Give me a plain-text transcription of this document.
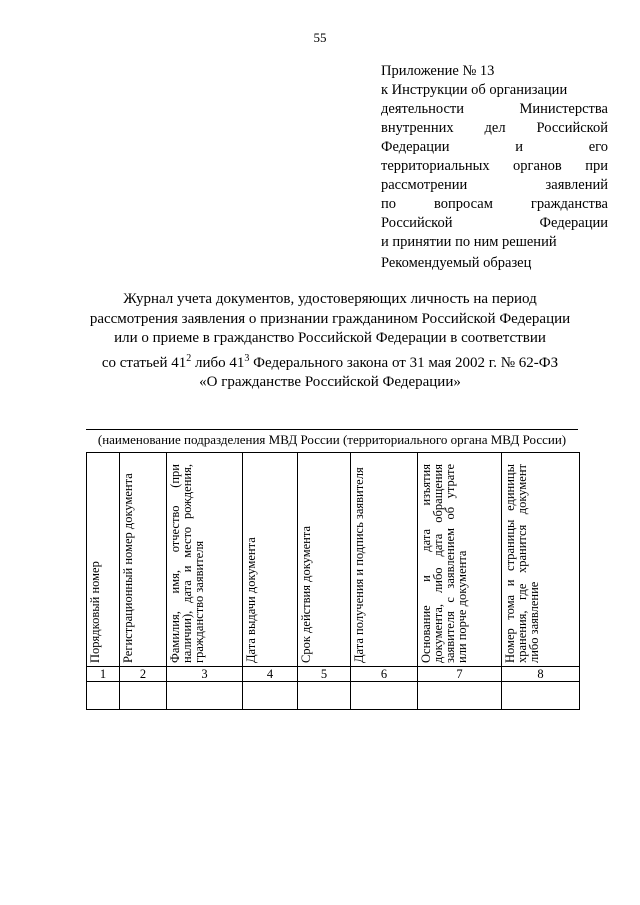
55
Приложение № 13
к Инструкции об организации
деятельности Министерства
внутренних дел Российской
Федерации и его
территориальных органов при
рассмотрении заявлений
по вопросам гражданства
Российской Федерации
и принятии по ним решений
Рекомендуемый образец
Журнал учета документов, удостоверяющих личность на период
рассмотрения заявления о признании гражданином Российской Федерации
или о приеме в гражданство Российской Федерации в соответствии
со статьей $41^2$ либо $41^3$ Федерального закона от 31 мая 2002 г. № 62-ФЗ
«О гражданстве Российской Федерации»
(наименование подразделения МВД России (территориального органа МВД России)
Порядковый номер	Регистрационный номер документа	Фамилия, имя, отчество (при наличии), дата и место рождения, гражданство заявителя	Дата выдачи документа	Срок действия документа	Дата получения и подпись заявителя	Основание и дата изъятия документа, либо дата обращения заявителя с заявлением об утрате или порче документа	Номер тома и страницы единицы хранения, где хранится документ либо заявление

1	2	3	4	5	6	7	8
